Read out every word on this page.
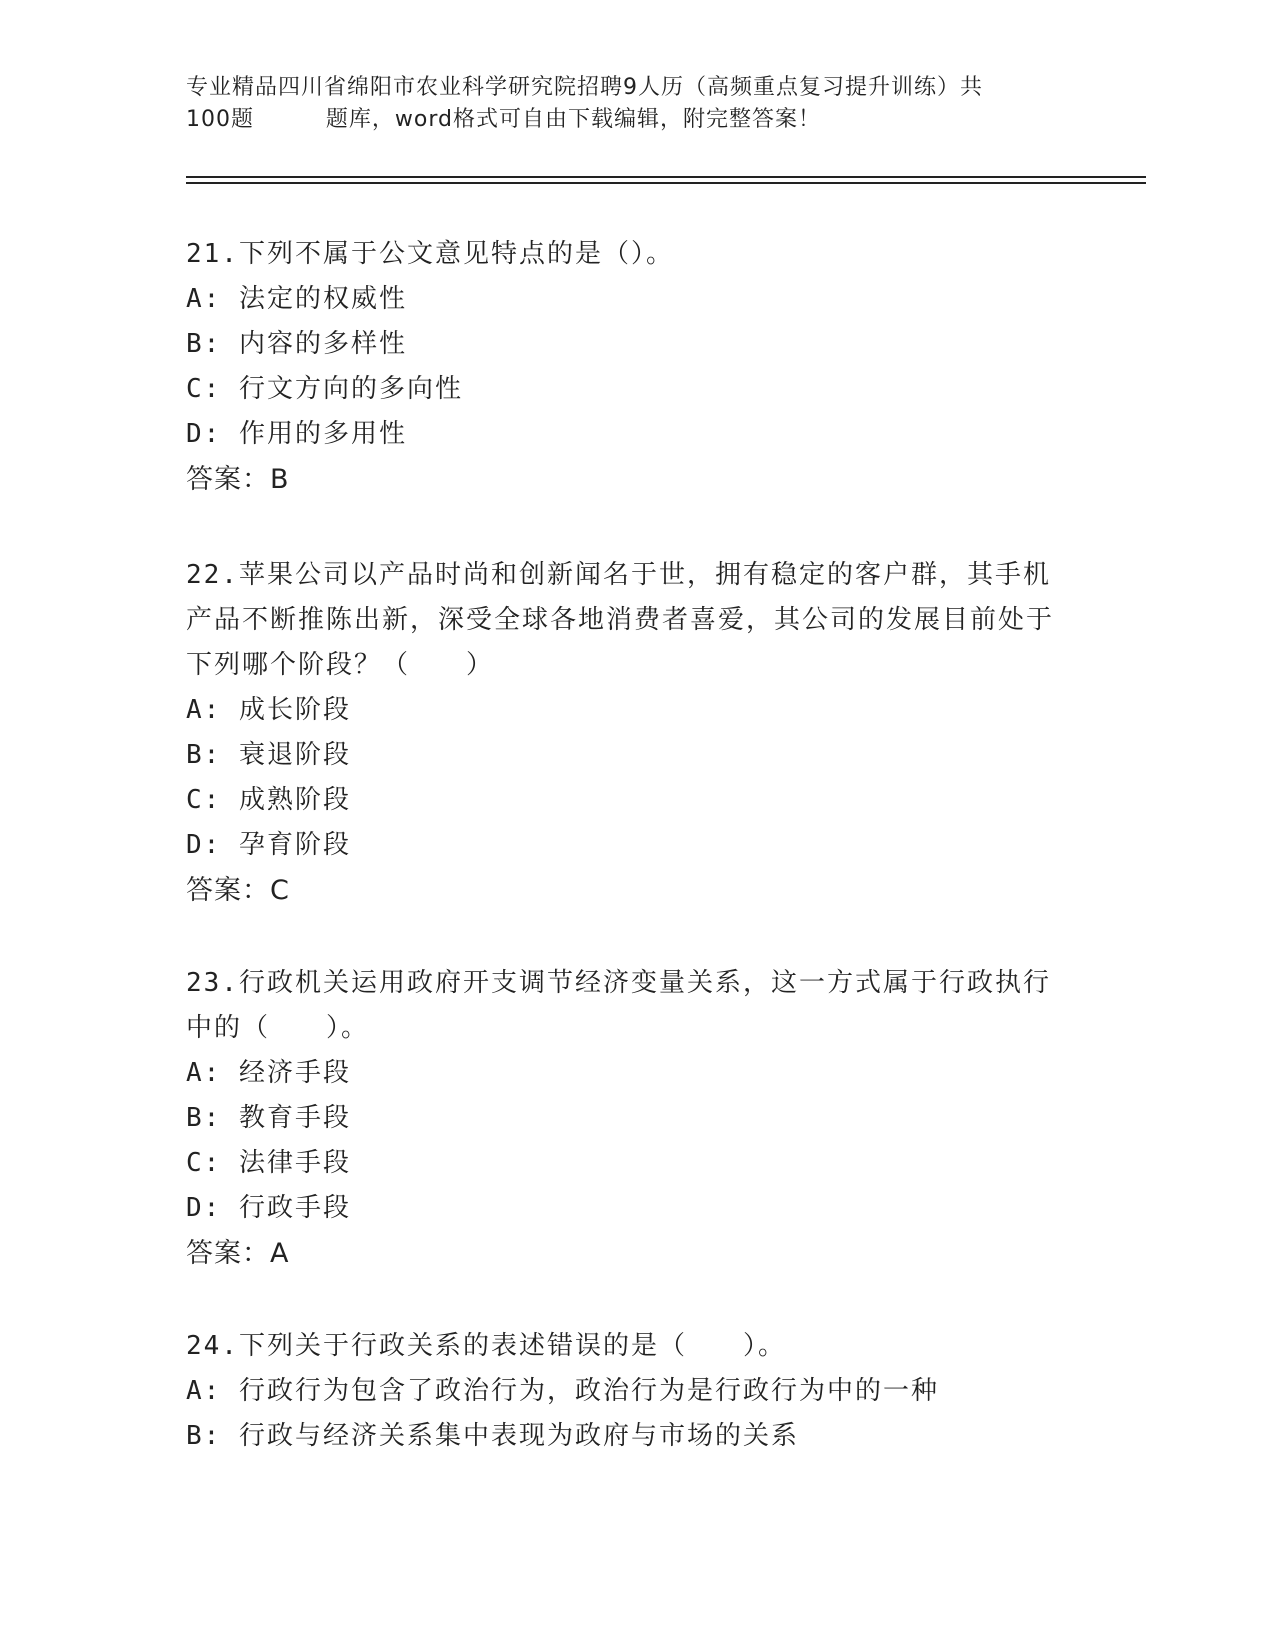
专业精品四川省绵阳市农业科学研究院招聘9人历（高频重点复习提升训练）共
100题         题库，word格式可自由下载编辑，附完整答案！
21.下列不属于公文意见特点的是（）。
A: 法定的权威性
B: 内容的多样性
C: 行文方向的多向性
D: 作用的多用性
答案：B
22.苹果公司以产品时尚和创新闻名于世，拥有稳定的客户群，其手机产品不断推陈出新，深受全球各地消费者喜爱，其公司的发展目前处于下列哪个阶段？（　　）
A: 成长阶段
B: 衰退阶段
C: 成熟阶段
D: 孕育阶段
答案：C
23.行政机关运用政府开支调节经济变量关系，这一方式属于行政执行中的（　　）。
A: 经济手段
B: 教育手段
C: 法律手段
D: 行政手段
答案：A
24.下列关于行政关系的表述错误的是（　　）。
A: 行政行为包含了政治行为，政治行为是行政行为中的一种
B: 行政与经济关系集中表现为政府与市场的关系
